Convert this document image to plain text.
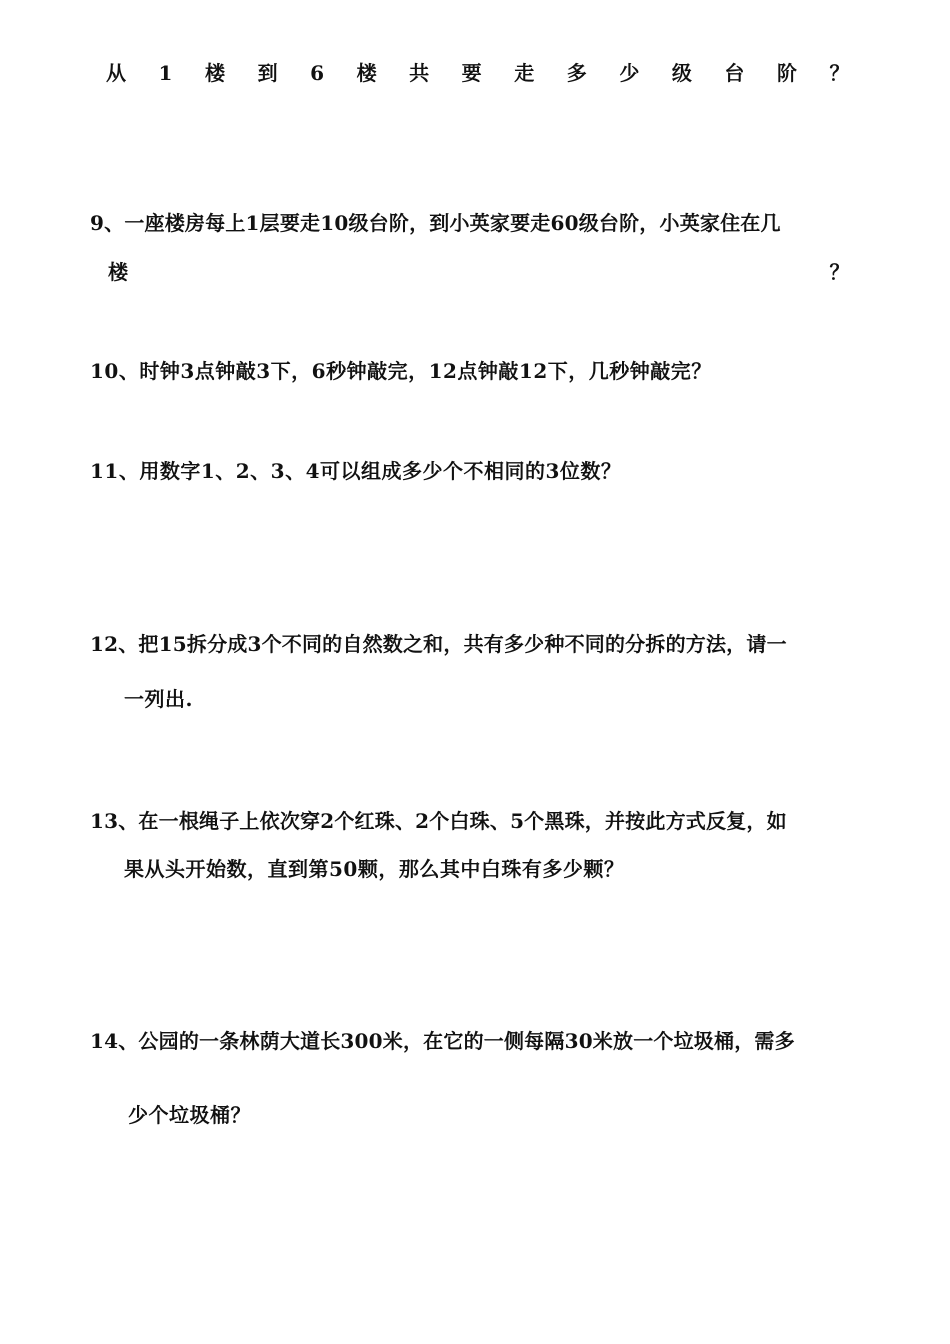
从 1 楼 到 6 楼 共 要 走 多 少 级 台 阶 ？
9、一座楼房每上1层要走10级台阶，到小英家要走60级台阶，小英家住在几
楼	？
10、时钟3点钟敲3下，6秒钟敲完，12点钟敲12下，几秒钟敲完？
11、用数字1、2、3、4可以组成多少个不相同的3位数？
12、把15拆分成3个不同的自然数之和，共有多少种不同的分拆的方法，请一
一列出.
13、在一根绳子上依次穿2个红珠、2个白珠、5个黑珠，并按此方式反复，如
果从头开始数，直到第50颗，那么其中白珠有多少颗？
14、公园的一条林荫大道长300米，在它的一侧每隔30米放一个垃圾桶，需多
少个垃圾桶？
